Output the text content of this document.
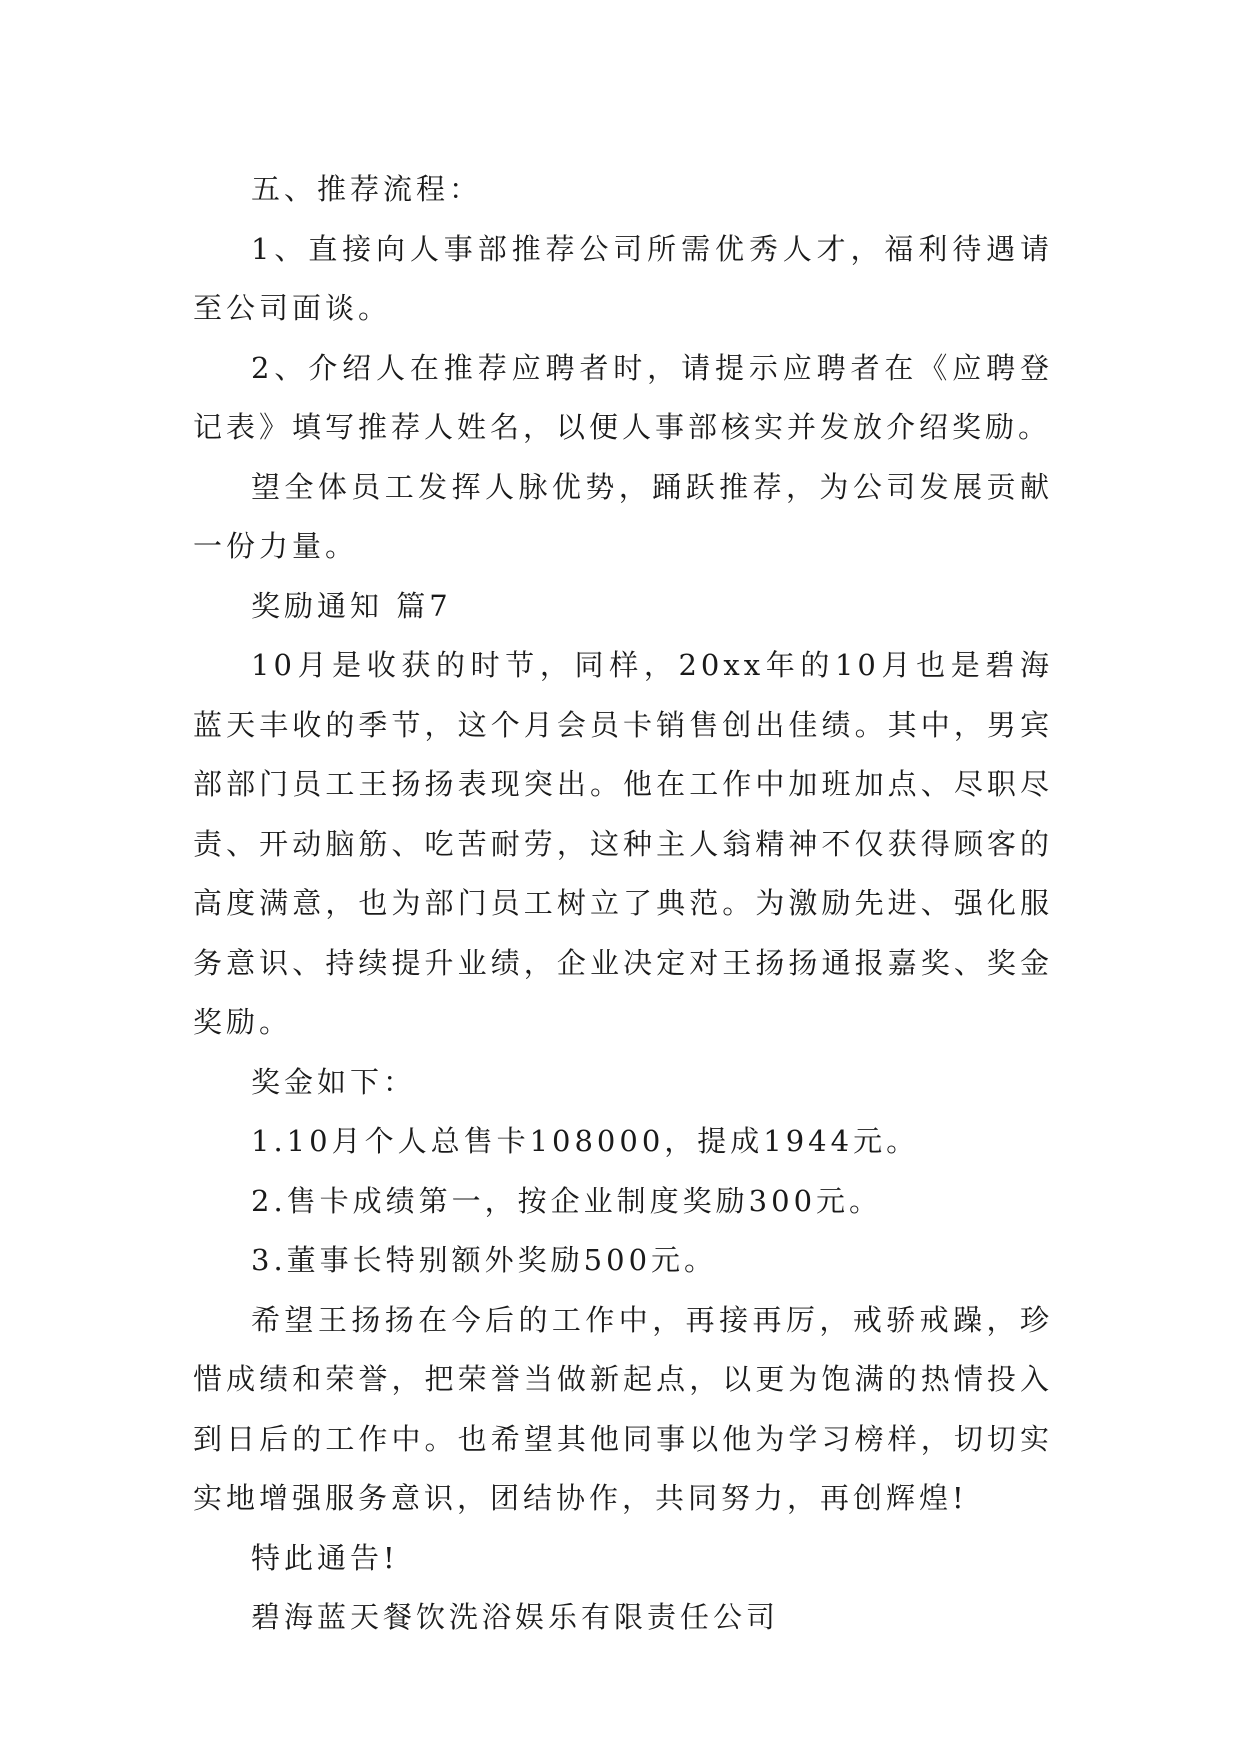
五、推荐流程：

1、直接向人事部推荐公司所需优秀人才，福利待遇请至公司面谈。

2、介绍人在推荐应聘者时，请提示应聘者在《应聘登记表》填写推荐人姓名，以便人事部核实并发放介绍奖励。

望全体员工发挥人脉优势，踊跃推荐，为公司发展贡献一份力量。

奖励通知 篇7

10月是收获的时节，同样，20xx年的10月也是碧海蓝天丰收的季节，这个月会员卡销售创出佳绩。其中，男宾部部门员工王扬扬表现突出。他在工作中加班加点、尽职尽责、开动脑筋、吃苦耐劳，这种主人翁精神不仅获得顾客的高度满意，也为部门员工树立了典范。为激励先进、强化服务意识、持续提升业绩，企业决定对王扬扬通报嘉奖、奖金奖励。

奖金如下：

1.10月个人总售卡108000，提成1944元。

2.售卡成绩第一，按企业制度奖励300元。

3.董事长特别额外奖励500元。

希望王扬扬在今后的工作中，再接再厉，戒骄戒躁，珍惜成绩和荣誉，把荣誉当做新起点，以更为饱满的热情投入到日后的工作中。也希望其他同事以他为学习榜样，切切实实地增强服务意识，团结协作，共同努力，再创辉煌!

特此通告!

碧海蓝天餐饮洗浴娱乐有限责任公司
